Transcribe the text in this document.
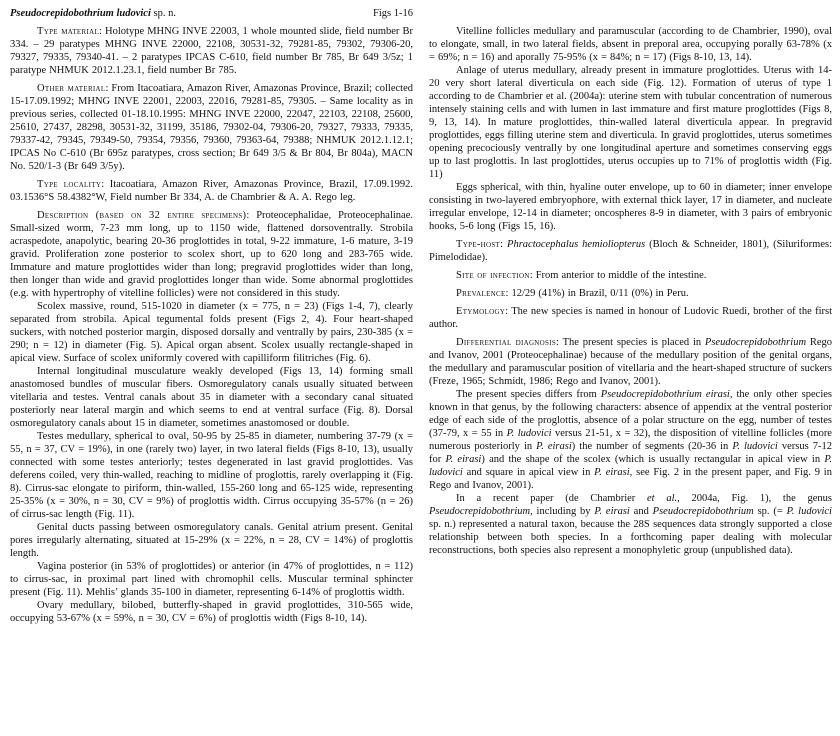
Pseudocrepidobothrium ludovici sp. n.	Figs 1-16

Type material: Holotype MHNG INVE 22003, 1 whole mounted slide, field number Br 334. – 29 paratypes MHNG INVE 22000, 22108, 30531-32, 79281-85, 79302, 79306-20, 79327, 79335, 79340-41. – 2 paratypes IPCAS C-610, field number Br 785, Br 649 3/5z; 1 paratype NHMUK 2012.1.23.1, field number Br 785.

Other material: From Itacoatiara, Amazon River, Amazonas Province, Brazil; collected 15-17.09.1992; MHNG INVE 22001, 22003, 22016, 79281-85, 79305. – Same locality as in previous series, collected 01-18.10.1995: MHNG INVE 22000, 22047, 22103, 22108, 25600, 25610, 27437, 28298, 30531-32, 31199, 35186, 79302-04, 79306-20, 79327, 79333, 79335, 79337-42, 79345, 79349-50, 79354, 79356, 79360, 79363-64, 79388; NHMUK 2012.1.12.1; IPCAS No C-610 (Br 695z paratypes, cross section; Br 649 3/5 & Br 804, Br 804a), MACN No. 520/1-3 (Br 649 3/5y).

Type locality: Itacoatiara, Amazon River, Amazonas Province, Brazil, 17.09.1992. 03.1536°S 58.4382°W, Field number Br 334, A. de Chambrier & A. A. Rego leg.

Description (based on 32 entire specimens): Proteocephalidae, Proteocephalinae. Small-sized worm, 7-23 mm long, up to 1150 wide, flattened dorsoventrally. Strobila acraspedote, anapolytic, bearing 20-36 proglottides in total, 9-22 immature, 1-6 mature, 3-19 gravid. Proliferation zone posterior to scolex short, up to 620 long and 283-765 wide. Immature and mature proglottides wider than long; pregravid proglottides wider than long, then longer than wide and gravid proglottides longer than wide. Some abnormal proglottides (e.g. with hypertrophy of vitelline follicles) were not considered in this study.

Scolex massive, round, 515-1020 in diameter (x = 775, n = 23) (Figs 1-4, 7), clearly separated from strobila. Apical tegumental folds present (Figs 2, 4). Four heart-shaped suckers, with notched posterior margin, disposed dorsally and ventrally by pairs, 230-385 (x = 290; n = 12) in diameter (Fig. 5). Apical organ absent. Scolex usually rectangle-shaped in apical view. Surface of scolex uniformly covered with capilliform filitriches (Fig. 6).

Internal longitudinal musculature weakly developed (Figs 13, 14) forming small anastomosed bundles of muscular fibers. Osmoregulatory canals usually situated between vitellaria and testes. Ventral canals about 35 in diameter with a secondary canal situated posteriorly near lateral margin and which seems to end at ventral surface (Fig. 8). Dorsal osmoregulatory canals about 15 in diameter, sometimes anastomosed or double.

Testes medullary, spherical to oval, 50-95 by 25-85 in diameter, numbering 37-79 (x = 55, n = 37, CV = 19%), in one (rarely two) layer, in two lateral fields (Figs 8-10, 13), usually connected with some testes anteriorly; testes degenerated in last gravid proglottides. Vas deferens coiled, very thin-walled, reaching to midline of proglottis, rarely overlapping it (Fig. 8). Cirrus-sac elongate to piriform, thin-walled, 155-260 long and 65-125 wide, representing 25-35% (x = 30%, n = 30, CV = 9%) of proglottis width. Cirrus occupying 35-57% (n = 26) of cirrus-sac length (Fig. 11).

Genital ducts passing between osmoregulatory canals. Genital atrium present. Genital pores irregularly alternating, situated at 15-29% (x = 22%, n = 28, CV = 14%) of proglottis length.

Vagina posterior (in 53% of proglottides) or anterior (in 47% of proglottides, n = 112) to cirrus-sac, in proximal part lined with chromophil cells. Muscular terminal sphincter present (Fig. 11). Mehlis’ glands 35-100 in diameter, representing 6-14% of proglottis width.

Ovary medullary, bilobed, butterfly-shaped in gravid proglottides, 310-565 wide, occupying 53-67% (x = 59%, n = 30, CV = 6%) of proglottis width (Figs 8-10, 14).

Vitelline follicles medullary and paramuscular (according to de Chambrier, 1990), oval to elongate, small, in two lateral fields, absent in preporal area, occupying porally 63-78% (x = 69%; n = 16) and aporally 75-95% (x = 84%; n = 17) (Figs 8-10, 13, 14).

Anlage of uterus medullary, already present in immature proglottides. Uterus with 14-20 very short lateral diverticula on each side (Fig. 12). Formation of uterus of type 1 according to de Chambrier et al. (2004a): uterine stem with tubular concentration of numerous intensely staining cells and with lumen in last immature and first mature proglottides (Figs 8, 9, 13, 14). In mature proglottides, thin-walled lateral diverticula appear. In pregravid proglottides, eggs filling uterine stem and diverticula. In gravid proglottides, uterus sometimes opening precociously ventrally by one longitudinal aperture and sometimes conserving eggs up to last proglottis. In last proglottides, uterus occupies up to 71% of proglottis width (Fig. 11)

Eggs spherical, with thin, hyaline outer envelope, up to 60 in diameter; inner envelope consisting in two-layered embryophore, with external thick layer, 17 in diameter, and nucleate irregular envelope, 12-14 in diameter; oncospheres 8-9 in diameter, with 3 pairs of embryonic hooks, 5-6 long (Figs 15, 16).

Type-host: Phractocephalus hemioliopterus (Bloch & Schneider, 1801), (Siluriformes: Pimelodidae).

Site of infection: From anterior to middle of the intestine.

Prevalence: 12/29 (41%) in Brazil, 0/11 (0%) in Peru.

Etymology: The new species is named in honour of Ludovic Ruedi, brother of the first author.

Differential diagnosis: The present species is placed in Pseudocrepidobothrium Rego and Ivanov, 2001 (Proteocephalinae) because of the medullary position of the genital organs, the medullary and paramuscular position of vitellaria and the heart-shaped structure of suckers (Freze, 1965; Schmidt, 1986; Rego and Ivanov, 2001).

The present species differs from Pseudocrepidobothrium eirasi, the only other species known in that genus, by the following characters: absence of appendix at the ventral posterior edge of each side of the proglottis, absence of a polar structure on the egg, number of testes (37-79, x = 55 in P. ludovici versus 21-51, x = 32), the disposition of vitelline follicles (more numerous posteriorly in P. eirasi) the number of segments (20-36 in P. ludovici versus 7-12 for P. eirasi) and the shape of the scolex (which is usually rectangular in apical view in P. ludovici and square in apical view in P. eirasi, see Fig. 2 in the present paper, and Fig. 9 in Rego and Ivanov, 2001).

In a recent paper (de Chambrier et al., 2004a, Fig. 1), the genus Pseudocrepidobothrium, including by P. eirasi and Pseudocrepidobothrium sp. (= P. ludovici sp. n.) represented a natural taxon, because the 28S sequences data strongly supported a close relationship between both species. In a forthcoming paper dealing with molecular reconstructions, both species also represent a monophyletic group (unpublished data).
